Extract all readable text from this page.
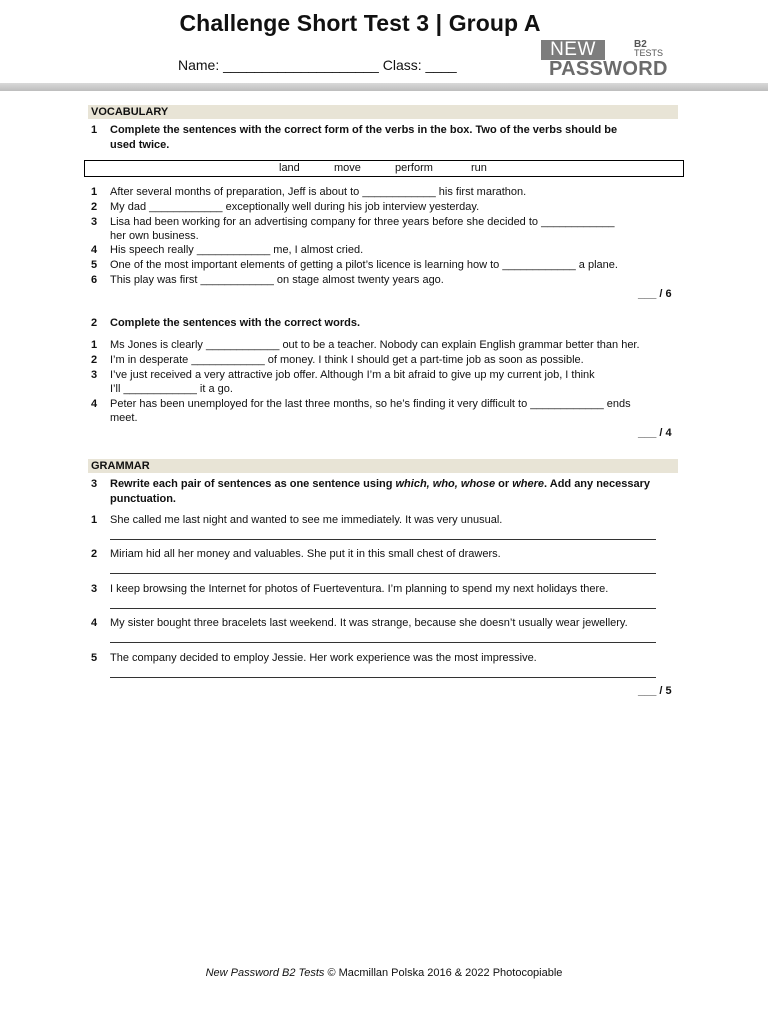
Challenge Short Test 3 | Group A
Name: ____________________ Class: ____
NEW	B2
TESTS
PASSWORD
VOCABULARY
1 Complete the sentences with the correct form of the verbs in the box. Two of the verbs should be
used twice.
land	move	perform	run
1 After several months of preparation, Jeff is about to ____________ his first marathon.
2 My dad ____________ exceptionally well during his job interview yesterday.
3 Lisa had been working for an advertising company for three years before she decided to ____________
her own business.
4 His speech really ____________ me, I almost cried.
5 One of the most important elements of getting a pilot’s licence is learning how to ____________ a plane.
6 This play was first ____________ on stage almost twenty years ago.
___ / 6
2 Complete the sentences with the correct words.
1 Ms Jones is clearly ____________ out to be a teacher. Nobody can explain English grammar better than her.
2 I’m in desperate ____________ of money. I think I should get a part-time job as soon as possible.
3 I’ve just received a very attractive job offer. Although I’m a bit afraid to give up my current job, I think
I’ll ____________ it a go.
4 Peter has been unemployed for the last three months, so he’s finding it very difficult to ____________ ends
meet.
___ / 4
GRAMMAR
3 Rewrite each pair of sentences as one sentence using which, who, whose or where. Add any necessary
punctuation.
1 She called me last night and wanted to see me immediately. It was very unusual.
2 Miriam hid all her money and valuables. She put it in this small chest of drawers.
3 I keep browsing the Internet for photos of Fuerteventura. I’m planning to spend my next holidays there.
4 My sister bought three bracelets last weekend. It was strange, because she doesn’t usually wear jewellery.
5 The company decided to employ Jessie. Her work experience was the most impressive.
___ / 5
New Password B2 Tests © Macmillan Polska 2016 & 2022 Photocopiable
